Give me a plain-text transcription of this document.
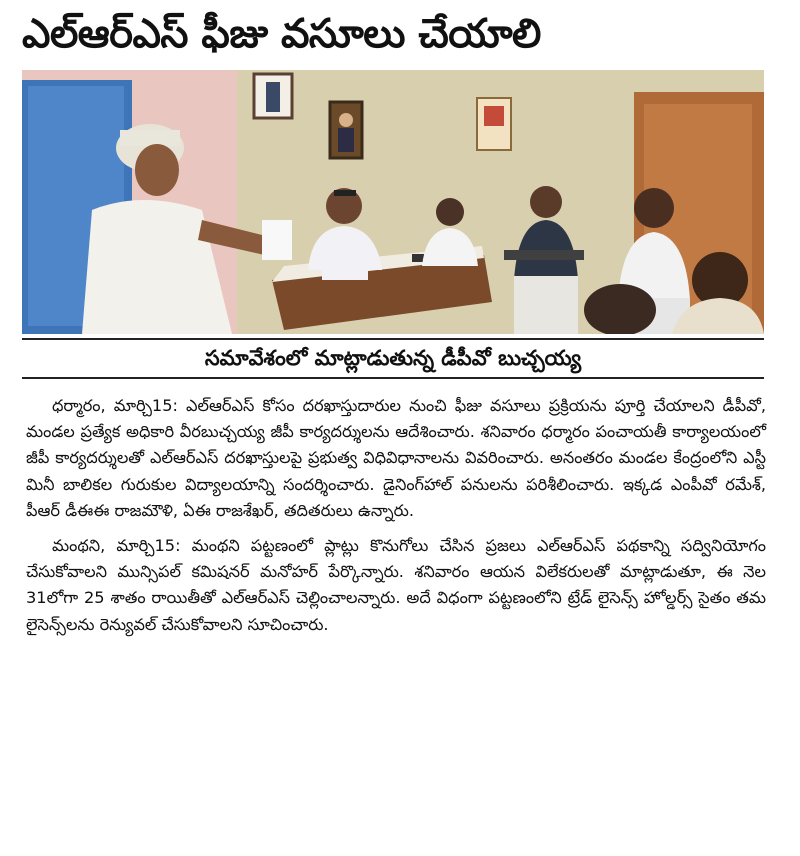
ఎల్ఆర్ఎస్ ఫీజు వసూలు చేయాలి
సమావేశంలో మాట్లాడుతున్న డీపీవో బుచ్చయ్య

ధర్మారం, మార్చి15: ఎల్ఆర్ఎస్ కోసం దరఖాస్తుదారుల నుంచి ఫీజు వసూలు ప్రక్రియను పూర్తి చేయాలని డీపీవో, మండల ప్రత్యేక అధికారి వీరబుచ్చయ్య జీపీ కార్యదర్శులను ఆదేశించారు. శనివారం ధర్మారం పంచాయతీ కార్యాలయంలో జీపీ కార్యదర్శులతో ఎల్ఆర్ఎస్ దరఖాస్తులపై ప్రభుత్వ విధివిధానాలను వివరించారు. అనంతరం మండల కేంద్రంలోని ఎస్టీ మినీ బాలికల గురుకుల విద్యాలయాన్ని సందర్శించారు. డైనింగ్‌హాల్ పనులను పరిశీలించారు. ఇక్కడ ఎంపీవో రమేశ్, పీఆర్ డీఈఈ రాజమౌళి, ఏఈ రాజశేఖర్, తదితరులు ఉన్నారు.

మంథని, మార్చి15: మంథని పట్టణంలో ప్లాట్లు కొనుగోలు చేసిన ప్రజలు ఎల్ఆర్ఎస్ పథకాన్ని సద్వినియోగం చేసుకోవాలని మున్సిపల్ కమిషనర్ మనోహర్ పేర్కొన్నారు. శనివారం ఆయన విలేకరులతో మాట్లాడుతూ, ఈ నెల 31లోగా 25 శాతం రాయితీతో ఎల్ఆర్ఎస్ చెల్లించాలన్నారు. అదే విధంగా పట్టణంలోని ట్రేడ్ లైసెన్స్ హోల్డర్స్ సైతం తమ లైసెన్స్‌లను రెన్యువల్ చేసుకోవాలని సూచించారు.
